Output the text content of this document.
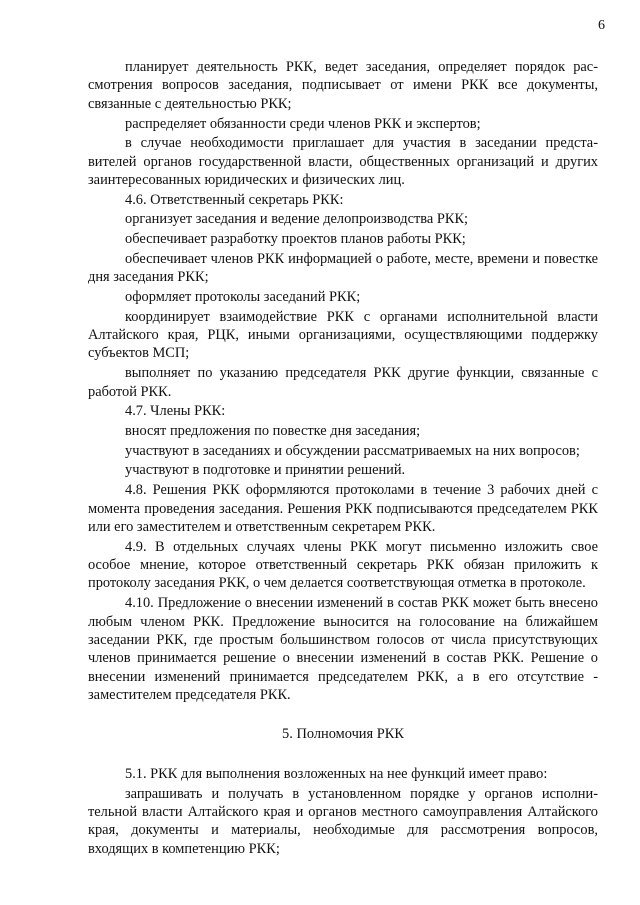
6

планирует деятельность РКК, ведет заседания, определяет порядок рассмотрения вопросов заседания, подписывает от имени РКК все документы, связанные с деятельностью РКК;

распределяет обязанности среди членов РКК и экспертов;

в случае необходимости приглашает для участия в заседании представителей органов государственной власти, общественных организаций и других заинтересованных юридических и физических лиц.

4.6. Ответственный секретарь РКК:

организует заседания и ведение делопроизводства РКК;

обеспечивает разработку проектов планов работы РКК;

обеспечивает членов РКК информацией о работе, месте, времени и повестке дня заседания РКК;

оформляет протоколы заседаний РКК;

координирует взаимодействие РКК с органами исполнительной власти Алтайского края, РЦК, иными организациями, осуществляющими поддержку субъектов МСП;

выполняет по указанию председателя РКК другие функции, связанные с работой РКК.

4.7. Члены РКК:

вносят предложения по повестке дня заседания;

участвуют в заседаниях и обсуждении рассматриваемых на них вопросов;

участвуют в подготовке и принятии решений.

4.8. Решения РКК оформляются протоколами в течение 3 рабочих дней с момента проведения заседания. Решения РКК подписываются председателем РКК или его заместителем и ответственным секретарем РКК.

4.9. В отдельных случаях члены РКК могут письменно изложить свое особое мнение, которое ответственный секретарь РКК обязан приложить к протоколу заседания РКК, о чем делается соответствующая отметка в протоколе.

4.10. Предложение о внесении изменений в состав РКК может быть внесено любым членом РКК. Предложение выносится на голосование на ближайшем заседании РКК, где простым большинством голосов от числа присутствующих членов принимается решение о внесении изменений в состав РКК. Решение о внесении изменений принимается председателем РКК, а в его отсутствие - заместителем председателя РКК.

5. Полномочия РКК

5.1. РКК для выполнения возложенных на нее функций имеет право:

запрашивать и получать в установленном порядке у органов исполнительной власти Алтайского края и органов местного самоуправления Алтайского края, документы и материалы, необходимые для рассмотрения вопросов, входящих в компетенцию РКК;
